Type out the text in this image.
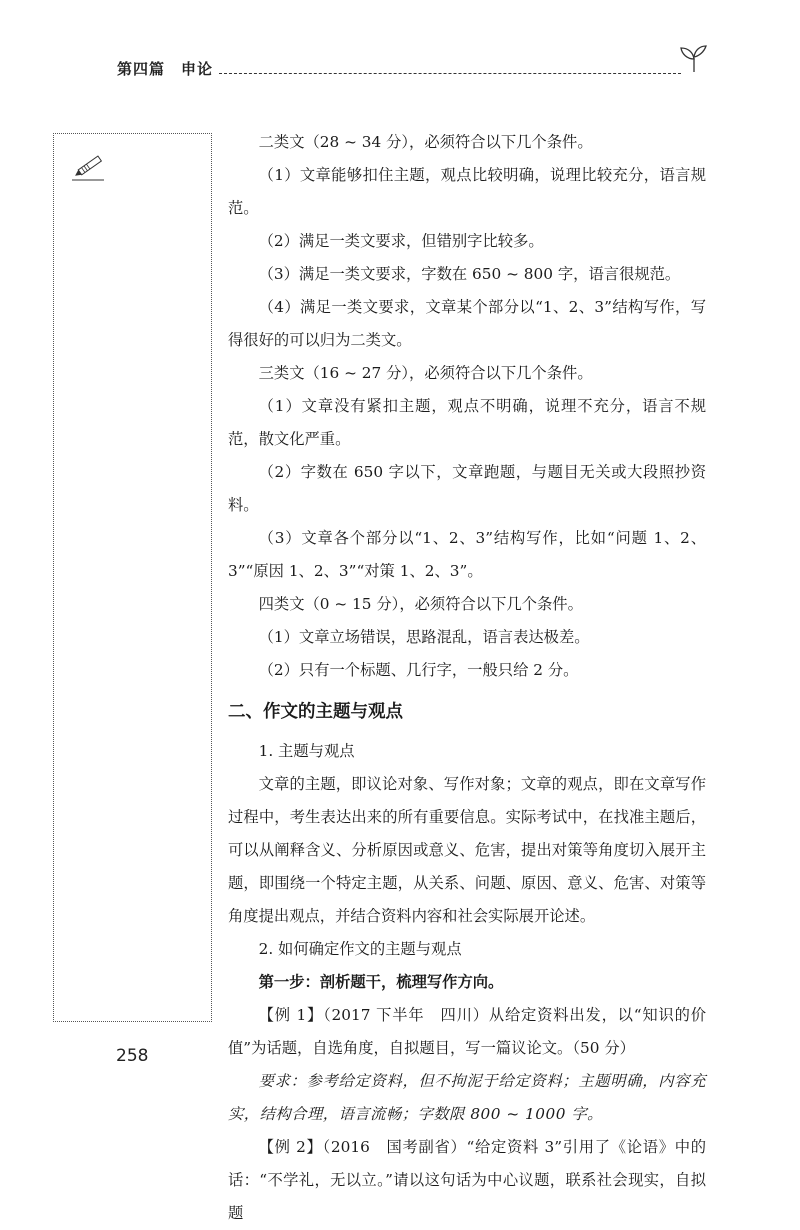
第四篇　申论

二类文（28 ~ 34 分），必须符合以下几个条件。

（1）文章能够扣住主题，观点比较明确，说理比较充分，语言规范。

（2）满足一类文要求，但错别字比较多。

（3）满足一类文要求，字数在 650 ~ 800 字，语言很规范。

（4）满足一类文要求，文章某个部分以“1、2、3”结构写作，写得很好的可以归为二类文。

三类文（16 ~ 27 分），必须符合以下几个条件。

（1）文章没有紧扣主题，观点不明确，说理不充分，语言不规范，散文化严重。

（2）字数在 650 字以下，文章跑题，与题目无关或大段照抄资料。

（3）文章各个部分以“1、2、3”结构写作，比如“问题 1、2、3”“原因 1、2、3”“对策 1、2、3”。

四类文（0 ~ 15 分），必须符合以下几个条件。

（1）文章立场错误，思路混乱，语言表达极差。

（2）只有一个标题、几行字，一般只给 2 分。

二、作文的主题与观点

1. 主题与观点

文章的主题，即议论对象、写作对象；文章的观点，即在文章写作过程中，考生表达出来的所有重要信息。实际考试中，在找准主题后，可以从阐释含义、分析原因或意义、危害，提出对策等角度切入展开主题，即围绕一个特定主题，从关系、问题、原因、意义、危害、对策等角度提出观点，并结合资料内容和社会实际展开论述。

2. 如何确定作文的主题与观点

第一步：剖析题干，梳理写作方向。

【例 1】（2017 下半年　四川）从给定资料出发，以“知识的价值”为话题，自选角度，自拟题目，写一篇议论文。（50 分）

要求：参考给定资料，但不拘泥于给定资料；主题明确，内容充实，结构合理，语言流畅；字数限 800 ~ 1000 字。

【例 2】（2016　国考副省）“给定资料 3”引用了《论语》中的话：“不学礼，无以立。”请以这句话为中心议题，联系社会现实，自拟题

258
